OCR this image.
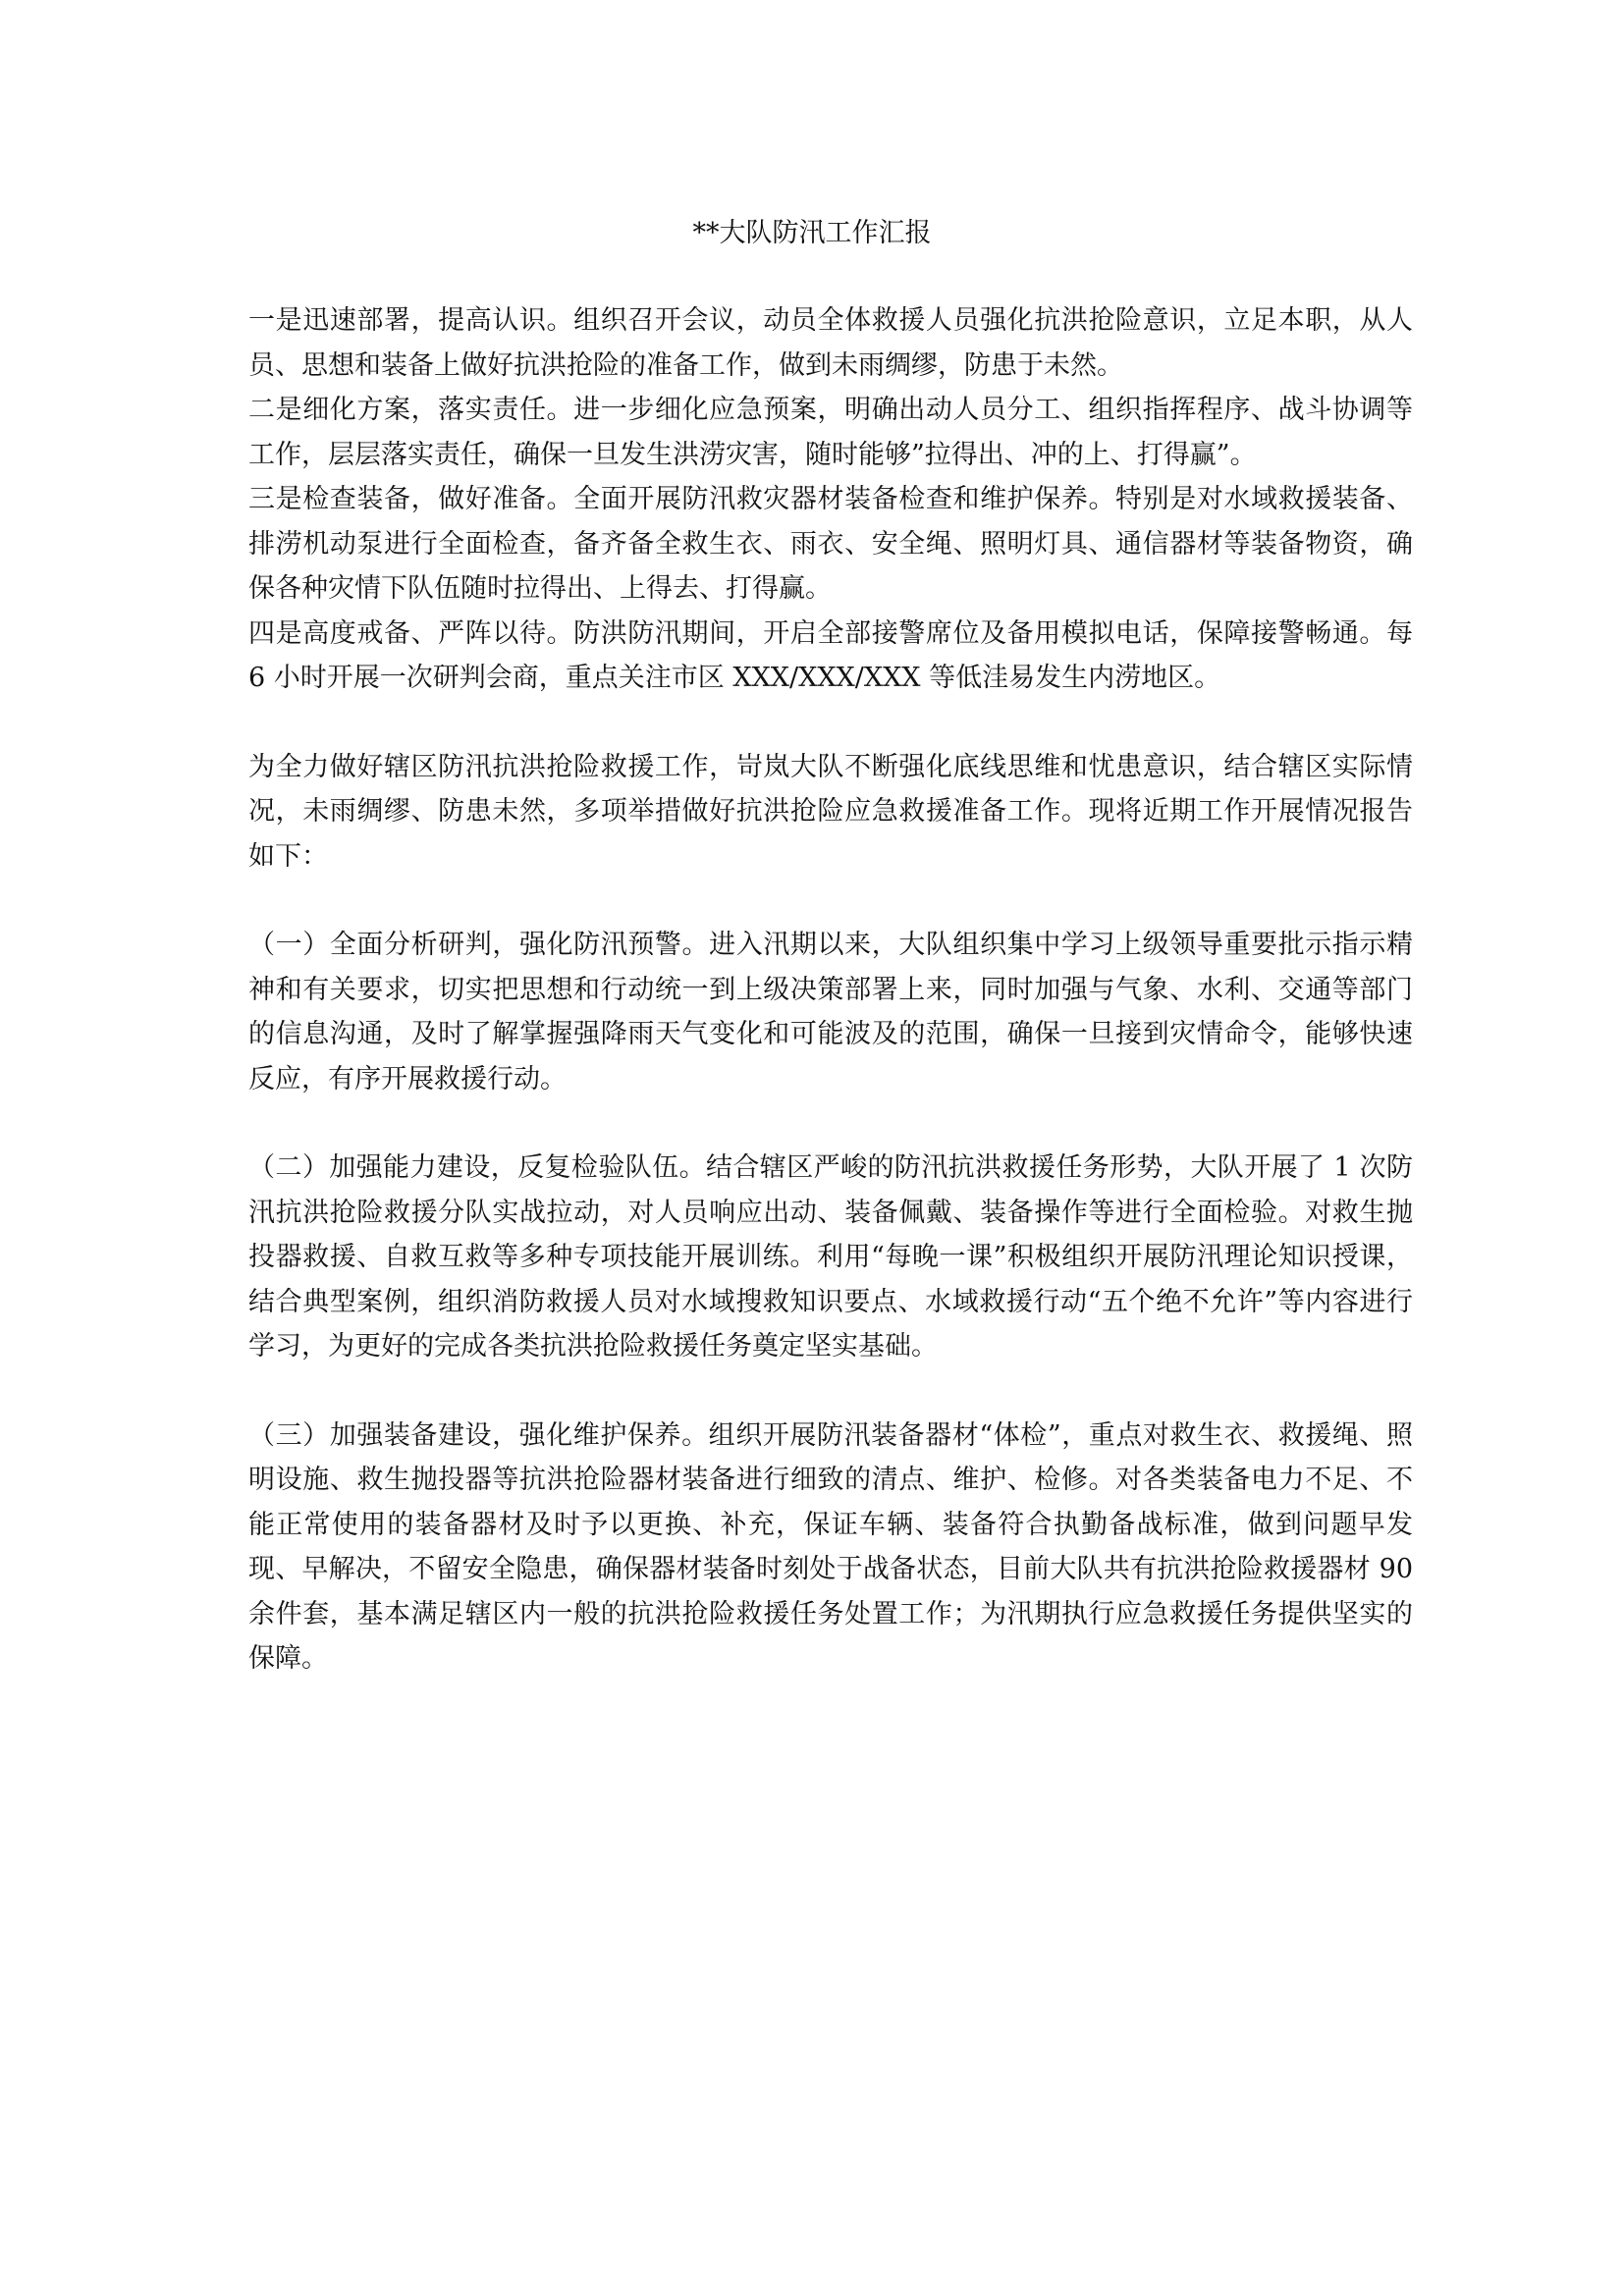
**大队防汛工作汇报

一是迅速部署，提高认识。组织召开会议，动员全体救援人员强化抗洪抢险意识，立足本职，从人员、思想和装备上做好抗洪抢险的准备工作，做到未雨绸缪，防患于未然。

二是细化方案，落实责任。进一步细化应急预案，明确出动人员分工、组织指挥程序、战斗协调等工作，层层落实责任，确保一旦发生洪涝灾害，随时能够”拉得出、冲的上、打得赢”。

三是检查装备，做好准备。全面开展防汛救灾器材装备检查和维护保养。特别是对水域救援装备、排涝机动泵进行全面检查，备齐备全救生衣、雨衣、安全绳、照明灯具、通信器材等装备物资，确保各种灾情下队伍随时拉得出、上得去、打得赢。

四是高度戒备、严阵以待。防洪防汛期间，开启全部接警席位及备用模拟电话，保障接警畅通。每 6 小时开展一次研判会商，重点关注市区 XXX/XXX/XXX 等低洼易发生内涝地区。

为全力做好辖区防汛抗洪抢险救援工作，岢岚大队不断强化底线思维和忧患意识，结合辖区实际情况，未雨绸缪、防患未然，多项举措做好抗洪抢险应急救援准备工作。现将近期工作开展情况报告如下：

（一）全面分析研判，强化防汛预警。进入汛期以来，大队组织集中学习上级领导重要批示指示精神和有关要求，切实把思想和行动统一到上级决策部署上来，同时加强与气象、水利、交通等部门的信息沟通，及时了解掌握强降雨天气变化和可能波及的范围，确保一旦接到灾情命令，能够快速反应，有序开展救援行动。

（二）加强能力建设，反复检验队伍。结合辖区严峻的防汛抗洪救援任务形势，大队开展了 1 次防汛抗洪抢险救援分队实战拉动，对人员响应出动、装备佩戴、装备操作等进行全面检验。对救生抛投器救援、自救互救等多种专项技能开展训练。利用“每晚一课”积极组织开展防汛理论知识授课，结合典型案例，组织消防救援人员对水域搜救知识要点、水域救援行动“五个绝不允许”等内容进行学习，为更好的完成各类抗洪抢险救援任务奠定坚实基础。

（三）加强装备建设，强化维护保养。组织开展防汛装备器材“体检”，重点对救生衣、救援绳、照明设施、救生抛投器等抗洪抢险器材装备进行细致的清点、维护、检修。对各类装备电力不足、不能正常使用的装备器材及时予以更换、补充，保证车辆、装备符合执勤备战标准，做到问题早发现、早解决，不留安全隐患，确保器材装备时刻处于战备状态，目前大队共有抗洪抢险救援器材 90 余件套，基本满足辖区内一般的抗洪抢险救援任务处置工作；为汛期执行应急救援任务提供坚实的保障。
